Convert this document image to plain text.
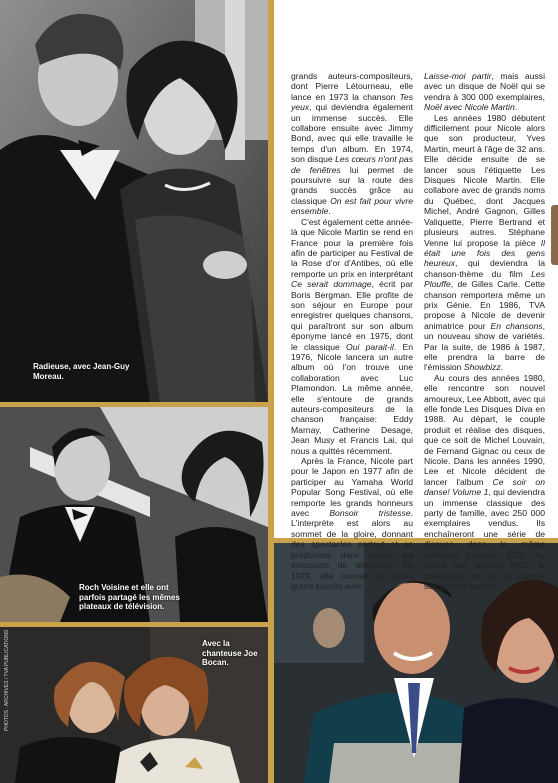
Radieuse, avec Jean-Guy Moreau.
Roch Voisine et elle ont parfois partagé les mêmes plateaux de télévision.
Avec la chanteuse Joe Bocan.
PHOTOS : ARCHIVES / TVA PUBLICATIONS

grands auteurs-compositeurs, dont Pierre Létourneau, elle lance en 1973 la chanson Tes yeux, qui deviendra également un immense succès. Elle collabore ensuite avec Jimmy Bond, avec qui elle travaille le temps d'un album. En 1974, son disque Les cœurs n'ont pas de fenêtres lui permet de poursuivre sur la route des grands succès grâce au classique On est fait pour vivre ensemble.

C'est également cette année-là que Nicole Martin se rend en France pour la première fois afin de participer au Festival de la Rose d'or d'Antibes, où elle remporte un prix en interprétant Ce serait dommage, écrit par Boris Bergman. Elle profite de son séjour en Europe pour enregistrer quelques chansons, qui paraîtront sur son album éponyme lancé en 1975, dont le classique Oui parait-il. En 1976, Nicole lancera un autre album où l'on trouve une collaboration avec Luc Plamondon. La même année, elle s'entoure de grands auteurs-compositeurs de la chanson française: Eddy Marnay, Catherine Desage, Jean Musy et Francis Lai, qui nous a quittés récemment.

Après la France, Nicole part pour le Japon en 1977 afin de participer au Yamaha World Popular Song Festival, où elle remporte les grands honneurs avec Bonsoir tristesse. L'interprète est alors au sommet de la gloire, donnant des spectacles partout et se produisant dans toutes les émissions de télévision. En 1979, elle connaît un autre grand succès avec

Laisse-moi partir, mais aussi avec un disque de Noël qui se vendra à 300 000 exemplaires, Noël avec Nicole Martin.

Les années 1980 débutent difficilement pour Nicole alors que son producteur, Yves Martin, meurt à l'âge de 32 ans. Elle décide ensuite de se lancer sous l'étiquette Les Disques Nicole Martin. Elle collabore avec de grands noms du Québec, dont Jacques Michel, André Gagnon, Gilles Valiquette, Pierre Bertrand et plusieurs autres. Stéphane Venne lui propose la pièce Il était une fois des gens heureux, qui deviendra la chanson-thème du film Les Plouffe, de Gilles Carle. Cette chanson remportera même un prix Génie. En 1986, TVA propose à Nicole de devenir animatrice pour En chansons, un nouveau show de variétés. Par la suite, de 1986 à 1987, elle prendra la barre de l'émission Showbizz.

Au cours des années 1980, elle rencontre son nouvel amoureux, Lee Abbott, avec qui elle fonde Les Disques Diva en 1988. Au départ, le couple produit et réalise des disques, que ce soit de Michel Louvain, de Fernand Gignac ou ceux de Nicole. Dans les années 1990, Lee et Nicole décident de lancer l'album Ce soir on danse! Volume 1, qui deviendra un immense classique des party de famille, avec 250 000 exemplaires vendus. Ils enchaîneront une série de disques dans la même collection jusqu'en 2000. Au début des années 2000, la chanteuse met sur le marché ses grands succès
